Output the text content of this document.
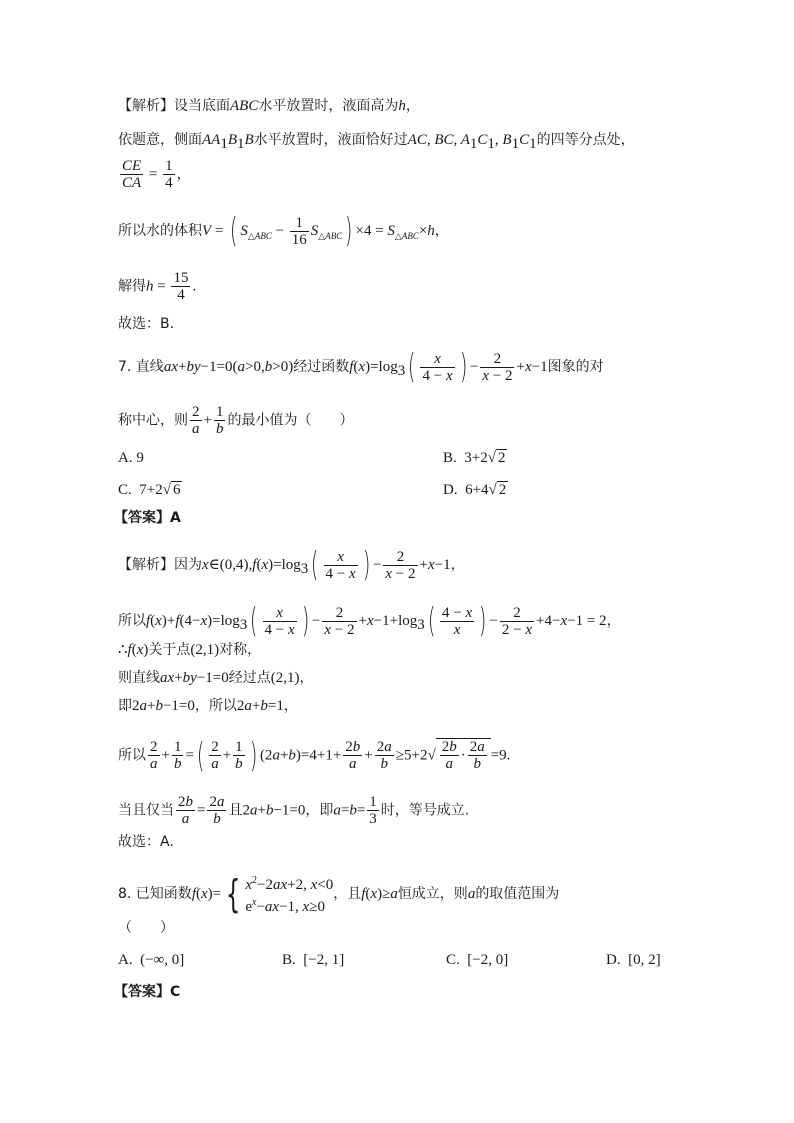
【解析】设当底面ABC水平放置时，液面高为h，
依题意，侧面$AA_1B_1B$水平放置时，液面恰好过AC, BC, $A_1C_1$, $B_1C_1$的四等分点处，
$\frac{CE}{CA} = \frac{1}{4}$ ，
所以水的体积V = ( $S_{\triangle ABC} - \frac{1}{16} S_{\triangle ABC}) \times 4 = S_{\triangle ABC}\times h$，
解得$h = \frac{15}{4}$ .
故选：B.
7. 直线ax+by−1=0(a>0,b>0)经过函数$f(x)=\log_3( \frac{x}{4 - x}$ ) − $\frac{2}{x - 2} +x-1$图象的对
称中心，则 $\frac{2}{a} + \frac{1}{b}$ 的最小值为（　　）
A. 9	B.  3+2√ 2
C.  7+2√ 6	D.  6+4√ 2
【答案】A
【解析】因为$x\in(0,4),f(x)=\log_3( \frac{x}{4 - x}$ ) − $\frac{2}{x - 2} +x-1$，
所以$f(x)+f(4-x)=\log_3( \frac{x}{4 - x}$ ) − $\frac{2}{x - 2} +x-1+\log_3( \frac{4 - x}{x}$ ) − $\frac{2}{2 - x} +4-x-1 = 2$，
∴f(x)关于点(2,1)对称，
则直线ax+by−1=0经过点(2,1)，
即2a+b−1=0，所以2a+b=1，
所以 $\frac{2}{a} + \frac{1}{b}$ =( $\frac{2}{a} + \frac{1}{b}$ ) $(2a+b)=4+1+ \frac{2b}{a} + \frac{2a}{b} \ge 5+2√ \frac{2b}{a} \cdot \frac{2a}{b} =9$.
当且仅当 $\frac{2b}{a} = \frac{2a}{b}$ 且2a+b−1=0，即$a=b= \frac{1}{3}$ 时，等号成立.
故选：A.
8. 已知函数f(x)= { $x^2-2ax+2$, x<0
$e^x-ax-1$, x≥0
，且f(x)≥a恒成立，则a的取值范围为
（　　）
A.  (−∞, 0]	B.  [−2, 1]	C.  [−2, 0]	D.  [0, 2]
【答案】C
